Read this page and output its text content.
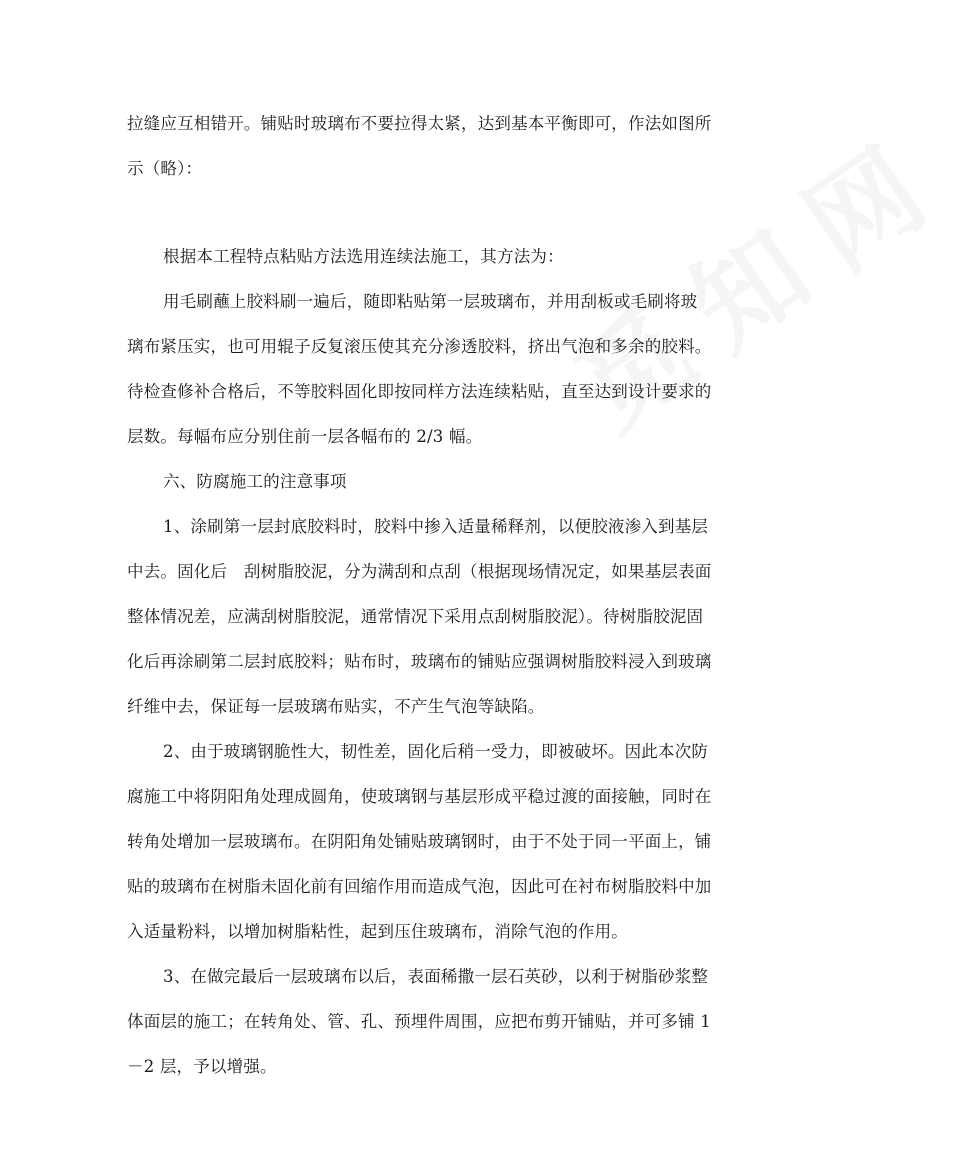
觅知网
拉缝应互相错开。铺贴时玻璃布不要拉得太紧，达到基本平衡即可，作法如图所
示（略）：
根据本工程特点粘贴方法选用连续法施工，其方法为：
用毛刷蘸上胶料刷一遍后，随即粘贴第一层玻璃布，并用刮板或毛刷将玻
璃布紧压实，也可用辊子反复滚压使其充分渗透胶料，挤出气泡和多余的胶料。
待检查修补合格后，不等胶料固化即按同样方法连续粘贴，直至达到设计要求的
层数。每幅布应分别住前一层各幅布的 2/3 幅。
六、防腐施工的注意事项
1、涂刷第一层封底胶料时，胶料中掺入适量稀释剂，以便胶液渗入到基层
中去。固化后　刮树脂胶泥，分为满刮和点刮（根据现场情况定，如果基层表面
整体情况差，应满刮树脂胶泥，通常情况下采用点刮树脂胶泥）。待树脂胶泥固
化后再涂刷第二层封底胶料；贴布时，玻璃布的铺贴应强调树脂胶料浸入到玻璃
纤维中去，保证每一层玻璃布贴实，不产生气泡等缺陷。
2、由于玻璃钢脆性大，韧性差，固化后稍一受力，即被破坏。因此本次防
腐施工中将阴阳角处理成圆角，使玻璃钢与基层形成平稳过渡的面接触，同时在
转角处增加一层玻璃布。在阴阳角处铺贴玻璃钢时，由于不处于同一平面上，铺
贴的玻璃布在树脂未固化前有回缩作用而造成气泡，因此可在衬布树脂胶料中加
入适量粉料，以增加树脂粘性，起到压住玻璃布，消除气泡的作用。
3、在做完最后一层玻璃布以后，表面稀撒一层石英砂，以利于树脂砂浆整
体面层的施工；在转角处、管、孔、预埋件周围，应把布剪开铺贴，并可多铺 1
－2 层，予以增强。
